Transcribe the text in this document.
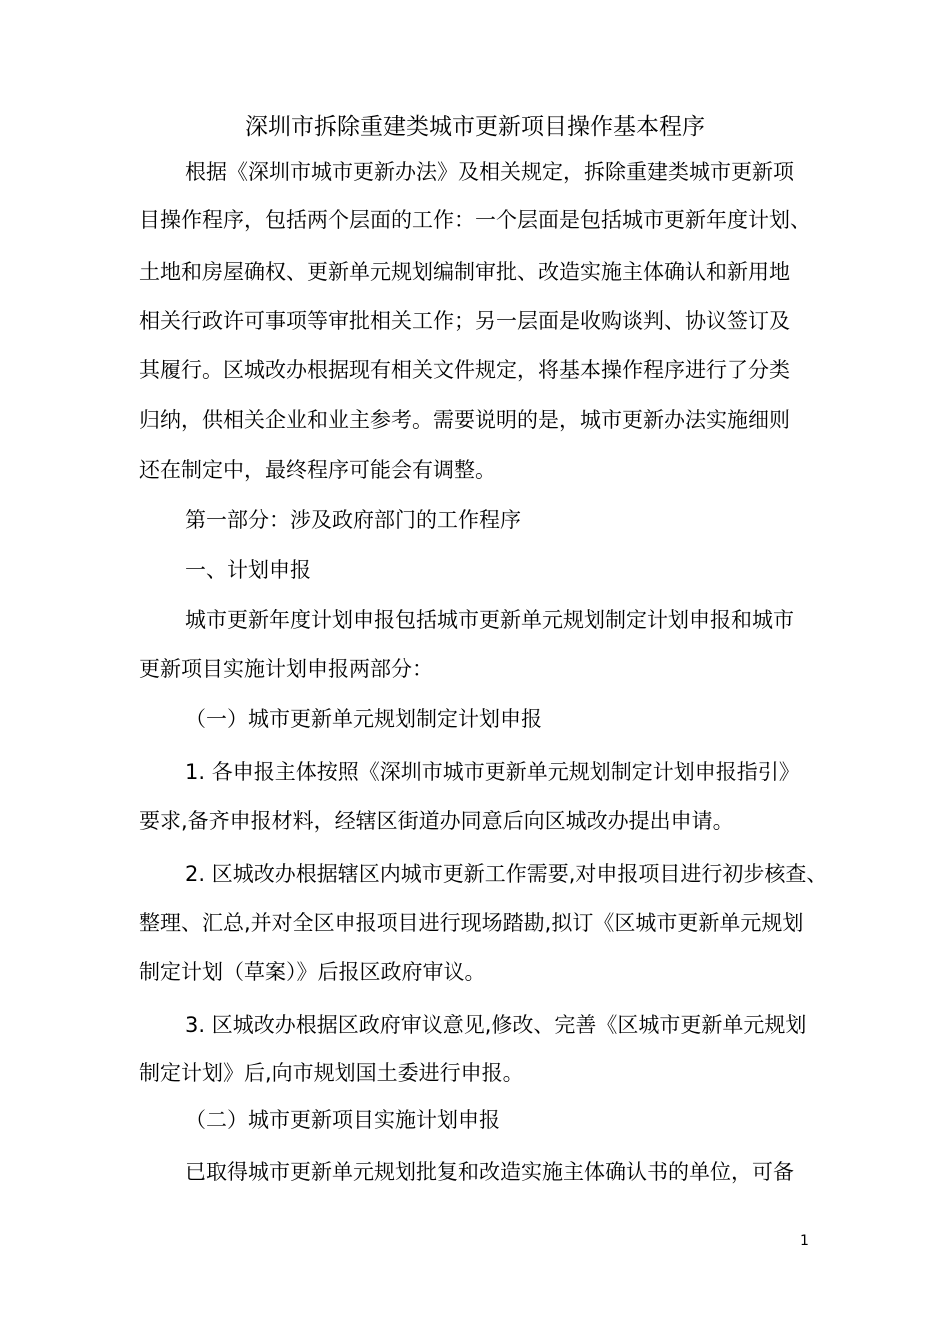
深圳市拆除重建类城市更新项目操作基本程序
根据《深圳市城市更新办法》及相关规定，拆除重建类城市更新项
目操作程序，包括两个层面的工作：一个层面是包括城市更新年度计划、
土地和房屋确权、更新单元规划编制审批、改造实施主体确认和新用地
相关行政许可事项等审批相关工作；另一层面是收购谈判、协议签订及
其履行。区城改办根据现有相关文件规定，将基本操作程序进行了分类
归纳，供相关企业和业主参考。需要说明的是，城市更新办法实施细则
还在制定中，最终程序可能会有调整。
第一部分：涉及政府部门的工作程序
一、计划申报
城市更新年度计划申报包括城市更新单元规划制定计划申报和城市
更新项目实施计划申报两部分：
（一）城市更新单元规划制定计划申报
1. 各申报主体按照《深圳市城市更新单元规划制定计划申报指引》
要求,备齐申报材料，经辖区街道办同意后向区城改办提出申请。
2. 区城改办根据辖区内城市更新工作需要,对申报项目进行初步核查、
整理、汇总,并对全区申报项目进行现场踏勘,拟订《区城市更新单元规划
制定计划（草案）》后报区政府审议。
3. 区城改办根据区政府审议意见,修改、完善《区城市更新单元规划
制定计划》后,向市规划国土委进行申报。
（二）城市更新项目实施计划申报
已取得城市更新单元规划批复和改造实施主体确认书的单位，可备
1
